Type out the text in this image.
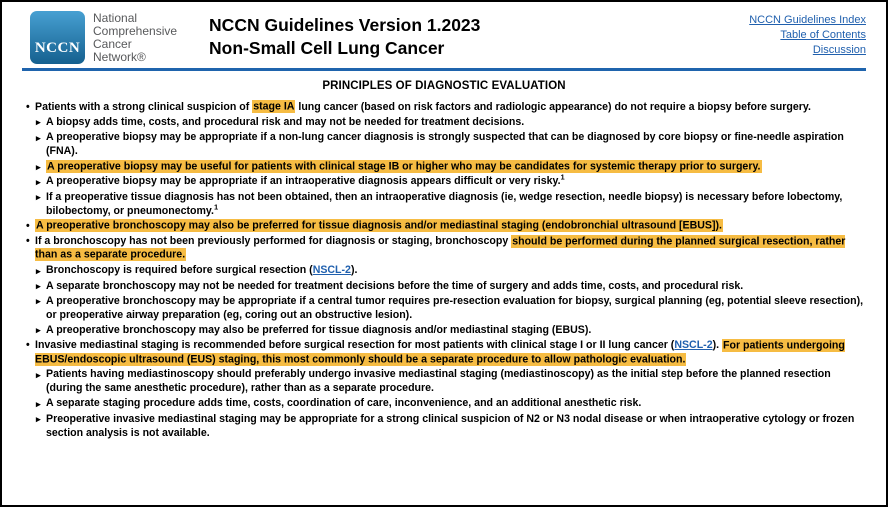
NCCN
National
Comprehensive
Cancer
Network®
NCCN Guidelines Version 1.2023
Non-Small Cell Lung Cancer
NCCN Guidelines Index
Table of Contents
Discussion
PRINCIPLES OF DIAGNOSTIC EVALUATION
• Patients with a strong clinical suspicion of stage IA lung cancer (based on risk factors and radiologic appearance) do not require a biopsy before surgery.
▸ A biopsy adds time, costs, and procedural risk and may not be needed for treatment decisions.
▸ A preoperative biopsy may be appropriate if a non-lung cancer diagnosis is strongly suspected that can be diagnosed by core biopsy or fine-needle aspiration (FNA).
▸ A preoperative biopsy may be useful for patients with clinical stage IB or higher who may be candidates for systemic therapy prior to surgery.
▸ A preoperative biopsy may be appropriate if an intraoperative diagnosis appears difficult or very risky.$^1$
▸ If a preoperative tissue diagnosis has not been obtained, then an intraoperative diagnosis (ie, wedge resection, needle biopsy) is necessary before lobectomy, bilobectomy, or pneumonectomy.$^1$
• A preoperative bronchoscopy may also be preferred for tissue diagnosis and/or mediastinal staging (endobronchial ultrasound [EBUS]).
• If a bronchoscopy has not been previously performed for diagnosis or staging, bronchoscopy should be performed during the planned surgical resection, rather than as a separate procedure.
▸ Bronchoscopy is required before surgical resection (NSCL-2).
▸ A separate bronchoscopy may not be needed for treatment decisions before the time of surgery and adds time, costs, and procedural risk.
▸ A preoperative bronchoscopy may be appropriate if a central tumor requires pre-resection evaluation for biopsy, surgical planning (eg, potential sleeve resection), or preoperative airway preparation (eg, coring out an obstructive lesion).
▸ A preoperative bronchoscopy may also be preferred for tissue diagnosis and/or mediastinal staging (EBUS).
• Invasive mediastinal staging is recommended before surgical resection for most patients with clinical stage I or II lung cancer (NSCL-2). For patients undergoing EBUS/endoscopic ultrasound (EUS) staging, this most commonly should be a separate procedure to allow pathologic evaluation.
▸ Patients having mediastinoscopy should preferably undergo invasive mediastinal staging (mediastinoscopy) as the initial step before the planned resection (during the same anesthetic procedure), rather than as a separate procedure.
▸ A separate staging procedure adds time, costs, coordination of care, inconvenience, and an additional anesthetic risk.
▸ Preoperative invasive mediastinal staging may be appropriate for a strong clinical suspicion of N2 or N3 nodal disease or when intraoperative cytology or frozen section analysis is not available.
